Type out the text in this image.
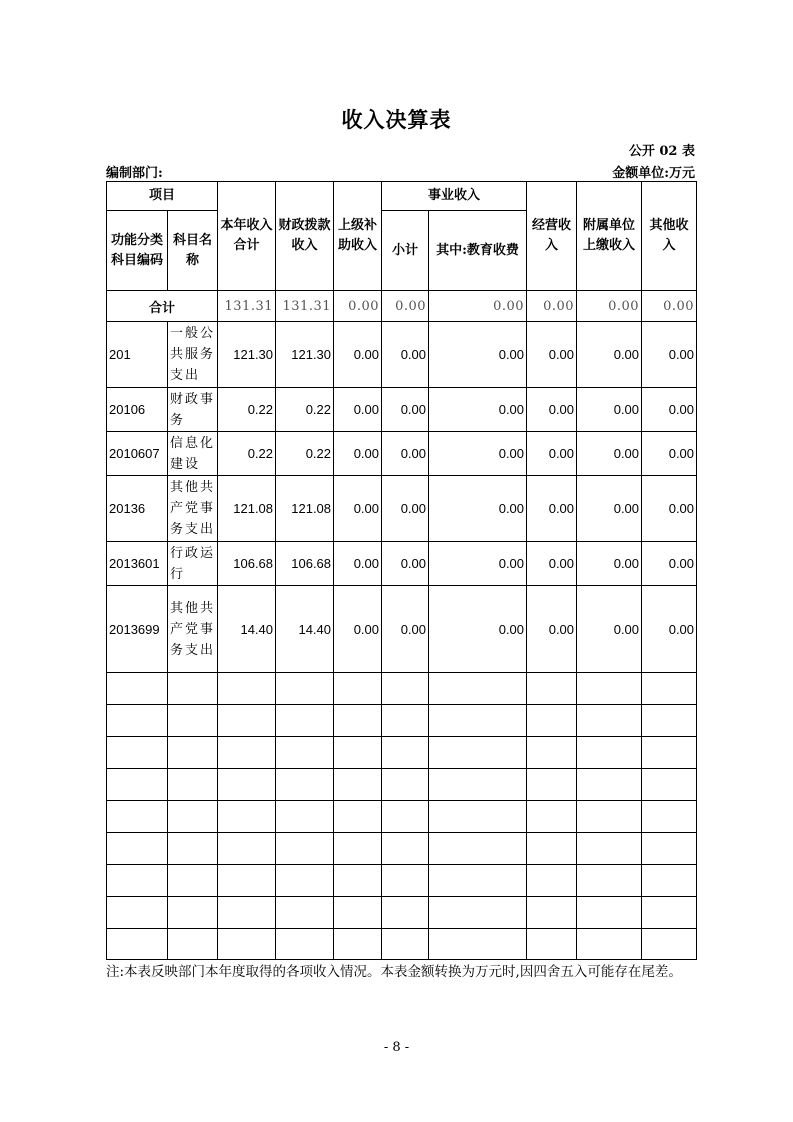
收入决算表
公开 02 表
编制部门:	金额单位:万元
项目		本年收入合计	财政拨款收入	上级补助收入	事业收入		经营收入	附属单位上缴收入	其他收入
功能分类科目编码	科目名称				小计	其中:教育收费			
合计		131.31	131.31	0.00	0.00	0.00	0.00	0.00	0.00
201	一般公共服务支出	121.30	121.30	0.00	0.00	0.00	0.00	0.00	0.00
20106	财政事务	0.22	0.22	0.00	0.00	0.00	0.00	0.00	0.00
2010607	信息化建设	0.22	0.22	0.00	0.00	0.00	0.00	0.00	0.00
20136	其他共产党事务支出	121.08	121.08	0.00	0.00	0.00	0.00	0.00	0.00
2013601	行政运行	106.68	106.68	0.00	0.00	0.00	0.00	0.00	0.00
2013699	其他共产党事务支出	14.40	14.40	0.00	0.00	0.00	0.00	0.00	0.00

注:本表反映部门本年度取得的各项收入情况。本表金额转换为万元时,因四舍五入可能存在尾差。
- 8 -
